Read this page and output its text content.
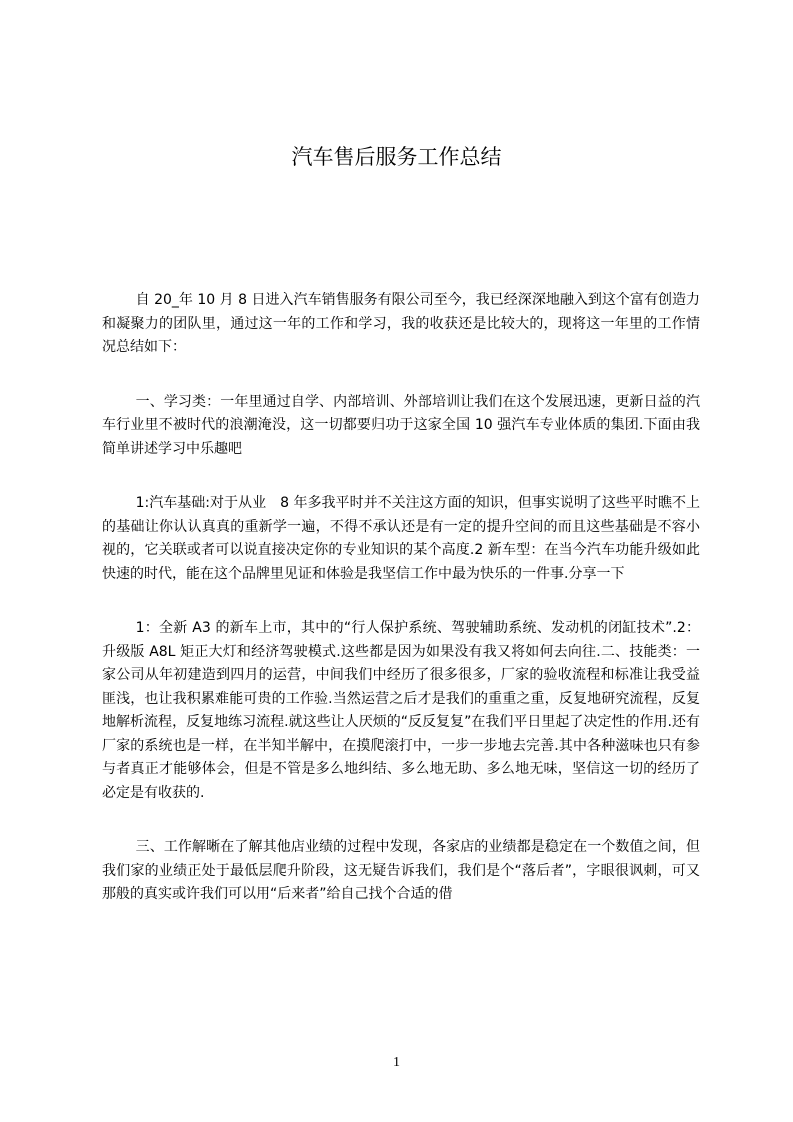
汽车售后服务工作总结

自 20_年 10 月 8 日进入汽车销售服务有限公司至今，我已经深深地融入到这个富有创造力和凝聚力的团队里，通过这一年的工作和学习，我的收获还是比较大的，现将这一年里的工作情况总结如下：

一、学习类：一年里通过自学、内部培训、外部培训让我们在这个发展迅速，更新日益的汽车行业里不被时代的浪潮淹没，这一切都要归功于这家全国 10 强汽车专业体质的集团.下面由我简单讲述学习中乐趣吧

1:汽车基础:对于从业　8 年多我平时并不关注这方面的知识，但事实说明了这些平时瞧不上的基础让你认认真真的重新学一遍，不得不承认还是有一定的提升空间的而且这些基础是不容小视的，它关联或者可以说直接决定你的专业知识的某个高度.2 新车型：在当今汽车功能升级如此快速的时代，能在这个品牌里见证和体验是我坚信工作中最为快乐的一件事.分享一下

1：全新 A3 的新车上市，其中的“行人保护系统、驾驶辅助系统、发动机的闭缸技术”.2：升级版 A8L 矩正大灯和经济驾驶模式.这些都是因为如果没有我又将如何去向往.二、技能类：一家公司从年初建造到四月的运营，中间我们中经历了很多很多，厂家的验收流程和标准让我受益匪浅，也让我积累难能可贵的工作验.当然运营之后才是我们的重重之重，反复地研究流程，反复地解析流程，反复地练习流程.就这些让人厌烦的“反反复复”在我们平日里起了决定性的作用.还有厂家的系统也是一样，在半知半解中，在摸爬滚打中，一步一步地去完善.其中各种滋味也只有参与者真正才能够体会，但是不管是多么地纠结、多么地无助、多么地无味，坚信这一切的经历了必定是有收获的.

三、工作解晰在了解其他店业绩的过程中发现，各家店的业绩都是稳定在一个数值之间，但我们家的业绩正处于最低层爬升阶段，这无疑告诉我们，我们是个“落后者”，字眼很讽刺，可又那般的真实或许我们可以用“后来者”给自己找个合适的借

1
